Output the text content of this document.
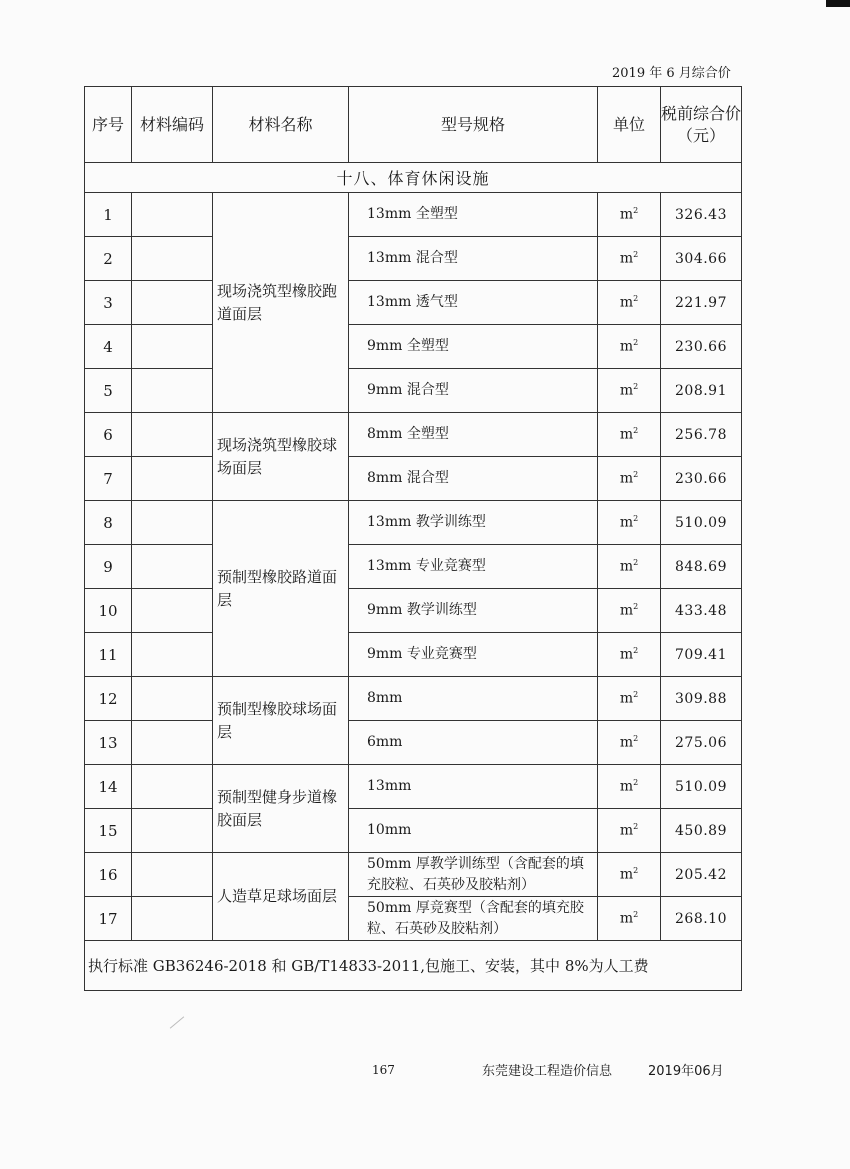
2019 年 6 月综合价
序号	材料编码	材料名称	型号规格	单位	税前综合价（元）
十八、体育休闲设施					
1		现场浇筑型橡胶跑道面层	13mm 全塑型	$m^2$	326.43
2			13mm 混合型	$m^2$	304.66
3			13mm 透气型	$m^2$	221.97
4			9mm 全塑型	$m^2$	230.66
5			9mm 混合型	$m^2$	208.91
6		现场浇筑型橡胶球场面层	8mm 全塑型	$m^2$	256.78
7			8mm 混合型	$m^2$	230.66
8		预制型橡胶路道面层	13mm 教学训练型	$m^2$	510.09
9			13mm 专业竞赛型	$m^2$	848.69
10			9mm 教学训练型	$m^2$	433.48
11			9mm 专业竞赛型	$m^2$	709.41
12		预制型橡胶球场面层	8mm	$m^2$	309.88
13			6mm	$m^2$	275.06
14		预制型健身步道橡胶面层	13mm	$m^2$	510.09
15			10mm	$m^2$	450.89
16		人造草足球场面层	50mm 厚教学训练型（含配套的填充胶粒、石英砂及胶粘剂）	$m^2$	205.42
17			50mm 厚竞赛型（含配套的填充胶粒、石英砂及胶粘剂）	$m^2$	268.10
执行标准 GB36246-2018 和 GB/T14833-2011,包施工、安装，其中 8%为人工费					
167	东莞建设工程造价信息	2019年06月
